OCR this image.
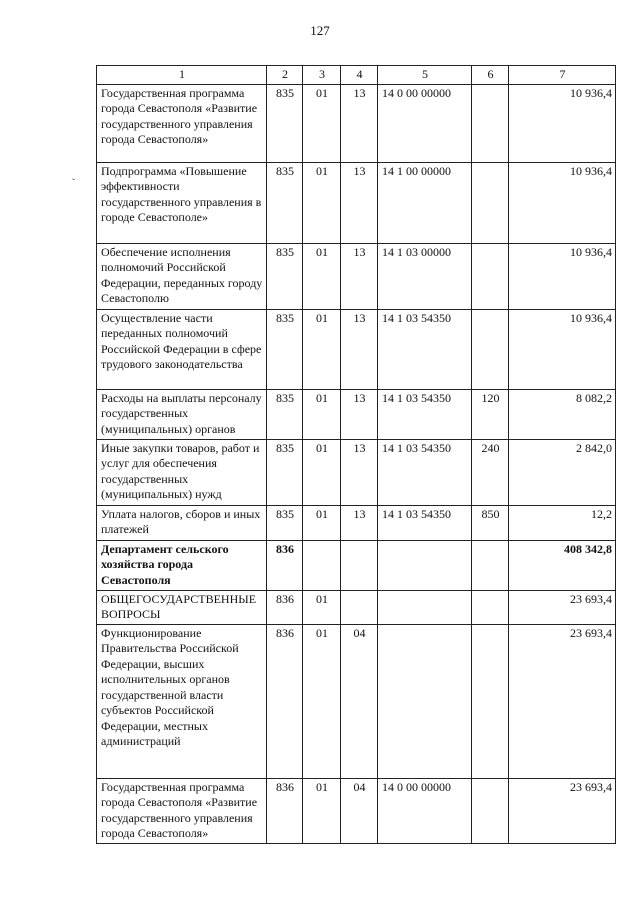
127
1	2	3	4	5	6	7
Государственная программа города Севастополя «Развитие государственного управления города Севастополя»	835	01	13	14 0 00 00000		10 936,4
Подпрограмма «Повышение эффективности государственного управления в городе Севастополе»	835	01	13	14 1 00 00000		10 936,4
Обеспечение исполнения полномочий Российской Федерации, переданных городу Севастополю	835	01	13	14 1 03 00000		10 936,4
Осуществление части переданных полномочий Российской Федерации в сфере трудового законодательства	835	01	13	14 1 03 54350		10 936,4
Расходы на выплаты персоналу государственных (муниципальных) органов	835	01	13	14 1 03 54350	120	8 082,2
Иные закупки товаров, работ и услуг для обеспечения государственных (муниципальных) нужд	835	01	13	14 1 03 54350	240	2 842,0
Уплата налогов, сборов и иных платежей	835	01	13	14 1 03 54350	850	12,2
Департамент сельского хозяйства города Севастополя	836					408 342,8
ОБЩЕГОСУДАРСТВЕННЫЕ ВОПРОСЫ	836	01				23 693,4
Функционирование Правительства Российской Федерации, высших исполнительных органов государственной власти субъектов Российской Федерации, местных администраций	836	01	04			23 693,4
Государственная программа города Севастополя «Развитие государственного управления города Севастополя»	836	01	04	14 0 00 00000		23 693,4
ˇ
